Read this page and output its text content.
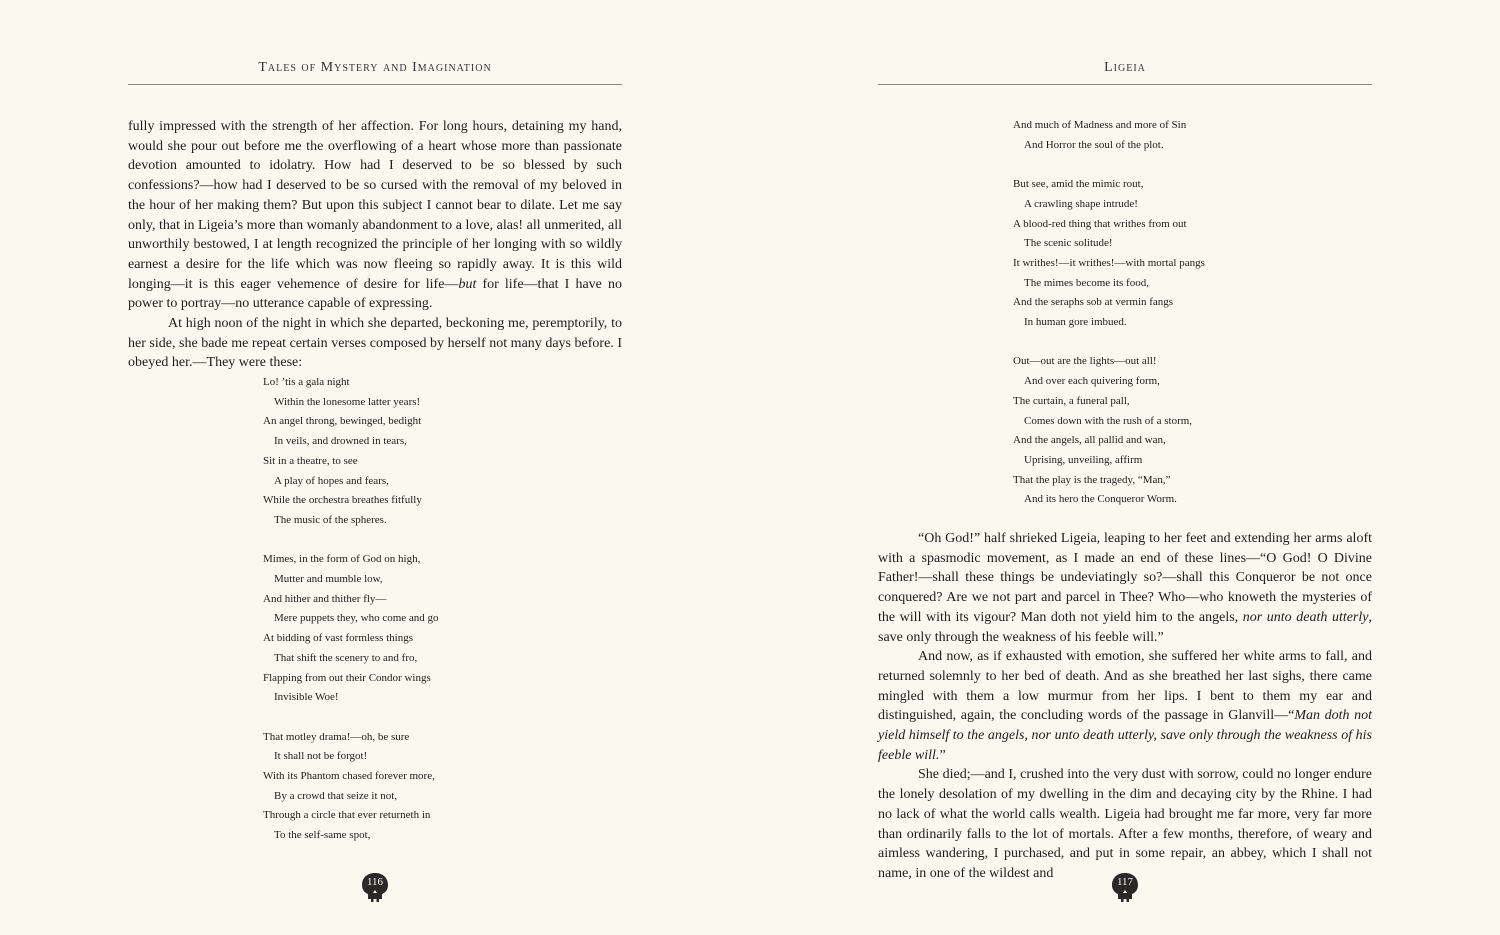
Tales of Mystery and Imagination

fully impressed with the strength of her affection. For long hours, detaining my hand, would she pour out before me the overflowing of a heart whose more than passionate devotion amounted to idolatry. How had I deserved to be so blessed by such confessions?—how had I deserved to be so cursed with the removal of my beloved in the hour of her making them? But upon this subject I cannot bear to dilate. Let me say only, that in Ligeia’s more than womanly abandonment to a love, alas! all unmerited, all unworthily bestowed, I at length recognized the principle of her longing with so wildly earnest a desire for the life which was now fleeing so rapidly away. It is this wild longing—it is this eager vehemence of desire for life—but for life—that I have no power to portray—no utterance capable of expressing.

At high noon of the night in which she departed, beckoning me, peremptorily, to her side, she bade me repeat certain verses composed by herself not many days before. I obeyed her.—They were these:

Lo! ’tis a gala night
Within the lonesome latter years!
An angel throng, bewinged, bedight
In veils, and drowned in tears,
Sit in a theatre, to see
A play of hopes and fears,
While the orchestra breathes fitfully
The music of the spheres.
Mimes, in the form of God on high,
Mutter and mumble low,
And hither and thither fly—
Mere puppets they, who come and go
At bidding of vast formless things
That shift the scenery to and fro,
Flapping from out their Condor wings
Invisible Woe!
That motley drama!—oh, be sure
It shall not be forgot!
With its Phantom chased forever more,
By a crowd that seize it not,
Through a circle that ever returneth in
To the self-same spot,
116
Ligeia
And much of Madness and more of Sin
And Horror the soul of the plot.
But see, amid the mimic rout,
A crawling shape intrude!
A blood-red thing that writhes from out
The scenic solitude!
It writhes!—it writhes!—with mortal pangs
The mimes become its food,
And the seraphs sob at vermin fangs
In human gore imbued.
Out—out are the lights—out all!
And over each quivering form,
The curtain, a funeral pall,
Comes down with the rush of a storm,
And the angels, all pallid and wan,
Uprising, unveiling, affirm
That the play is the tragedy, “Man,”
And its hero the Conqueror Worm.

“Oh God!” half shrieked Ligeia, leaping to her feet and extending her arms aloft with a spasmodic movement, as I made an end of these lines—“O God! O Divine Father!—shall these things be undeviatingly so?—shall this Conqueror be not once conquered? Are we not part and parcel in Thee? Who—who knoweth the mysteries of the will with its vigour? Man doth not yield him to the angels, nor unto death utterly, save only through the weakness of his feeble will.”

And now, as if exhausted with emotion, she suffered her white arms to fall, and returned solemnly to her bed of death. And as she breathed her last sighs, there came mingled with them a low murmur from her lips. I bent to them my ear and distinguished, again, the concluding words of the passage in Glanvill—“Man doth not yield himself to the angels, nor unto death utterly, save only through the weakness of his feeble will.”

She died;—and I, crushed into the very dust with sorrow, could no longer endure the lonely desolation of my dwelling in the dim and decaying city by the Rhine. I had no lack of what the world calls wealth. Ligeia had brought me far more, very far more than ordinarily falls to the lot of mortals. After a few months, therefore, of weary and aimless wandering, I purchased, and put in some repair, an abbey, which I shall not name, in one of the wildest and

117
